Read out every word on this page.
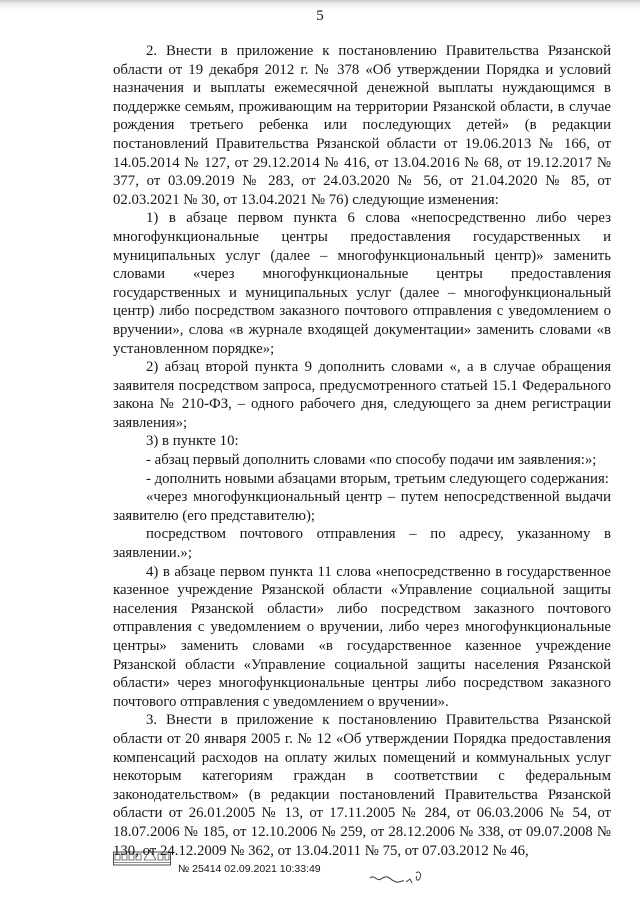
5

2. Внести в приложение к постановлению Правительства Рязанской области от 19 декабря 2012 г. № 378 «Об утверждении Порядка и условий назначения и выплаты ежемесячной денежной выплаты нуждающимся в поддержке семьям, проживающим на территории Рязанской области, в случае рождения третьего ребенка или последующих детей» (в редакции постановлений Правительства Рязанской области от 19.06.2013 № 166, от 14.05.2014 № 127, от 29.12.2014 № 416, от 13.04.2016 № 68, от 19.12.2017 № 377, от 03.09.2019 № 283, от 24.03.2020 № 56, от 21.04.2020 № 85, от 02.03.2021 № 30, от 13.04.2021 № 76) следующие изменения:

1) в абзаце первом пункта 6 слова «непосредственно либо через многофункциональные центры предоставления государственных и муниципальных услуг (далее – многофункциональный центр)» заменить словами «через многофункциональные центры предоставления государственных и муниципальных услуг (далее – многофункциональный центр) либо посредством заказного почтового отправления с уведомлением о вручении», слова «в журнале входящей документации» заменить словами «в установленном порядке»;

2) абзац второй пункта 9 дополнить словами «, а в случае обращения заявителя посредством запроса, предусмотренного статьей 15.1 Федерального закона № 210-ФЗ, – одного рабочего дня, следующего за днем регистрации заявления»;

3) в пункте 10:

- абзац первый дополнить словами «по способу подачи им заявления:»;

- дополнить новыми абзацами вторым, третьим следующего содержания:

«через многофункциональный центр – путем непосредственной выдачи заявителю (его представителю);

посредством почтового отправления – по адресу, указанному в заявлении.»;

4) в абзаце первом пункта 11 слова «непосредственно в государственное казенное учреждение Рязанской области «Управление социальной защиты населения Рязанской области» либо посредством заказного почтового отправления с уведомлением о вручении, либо через многофункциональные центры» заменить словами «в государственное казенное учреждение Рязанской области «Управление социальной защиты населения Рязанской области» через многофункциональные центры либо посредством заказного почтового отправления с уведомлением о вручении».

3. Внести в приложение к постановлению Правительства Рязанской области от 20 января 2005 г. № 12 «Об утверждении Порядка предоставления компенсаций расходов на оплату жилых помещений и коммунальных услуг некоторым категориям граждан в соответствии с федеральным законодательством» (в редакции постановлений Правительства Рязанской области от 26.01.2005 № 13, от 17.11.2005 № 284, от 06.03.2006 № 54, от 18.07.2006 № 185, от 12.10.2006 № 259, от 28.12.2006 № 338, от 09.07.2008 № 130, от 24.12.2009 № 362, от 13.04.2011 № 75, от 07.03.2012 № 46,

№ 25414 02.09.2021 10:33:49
